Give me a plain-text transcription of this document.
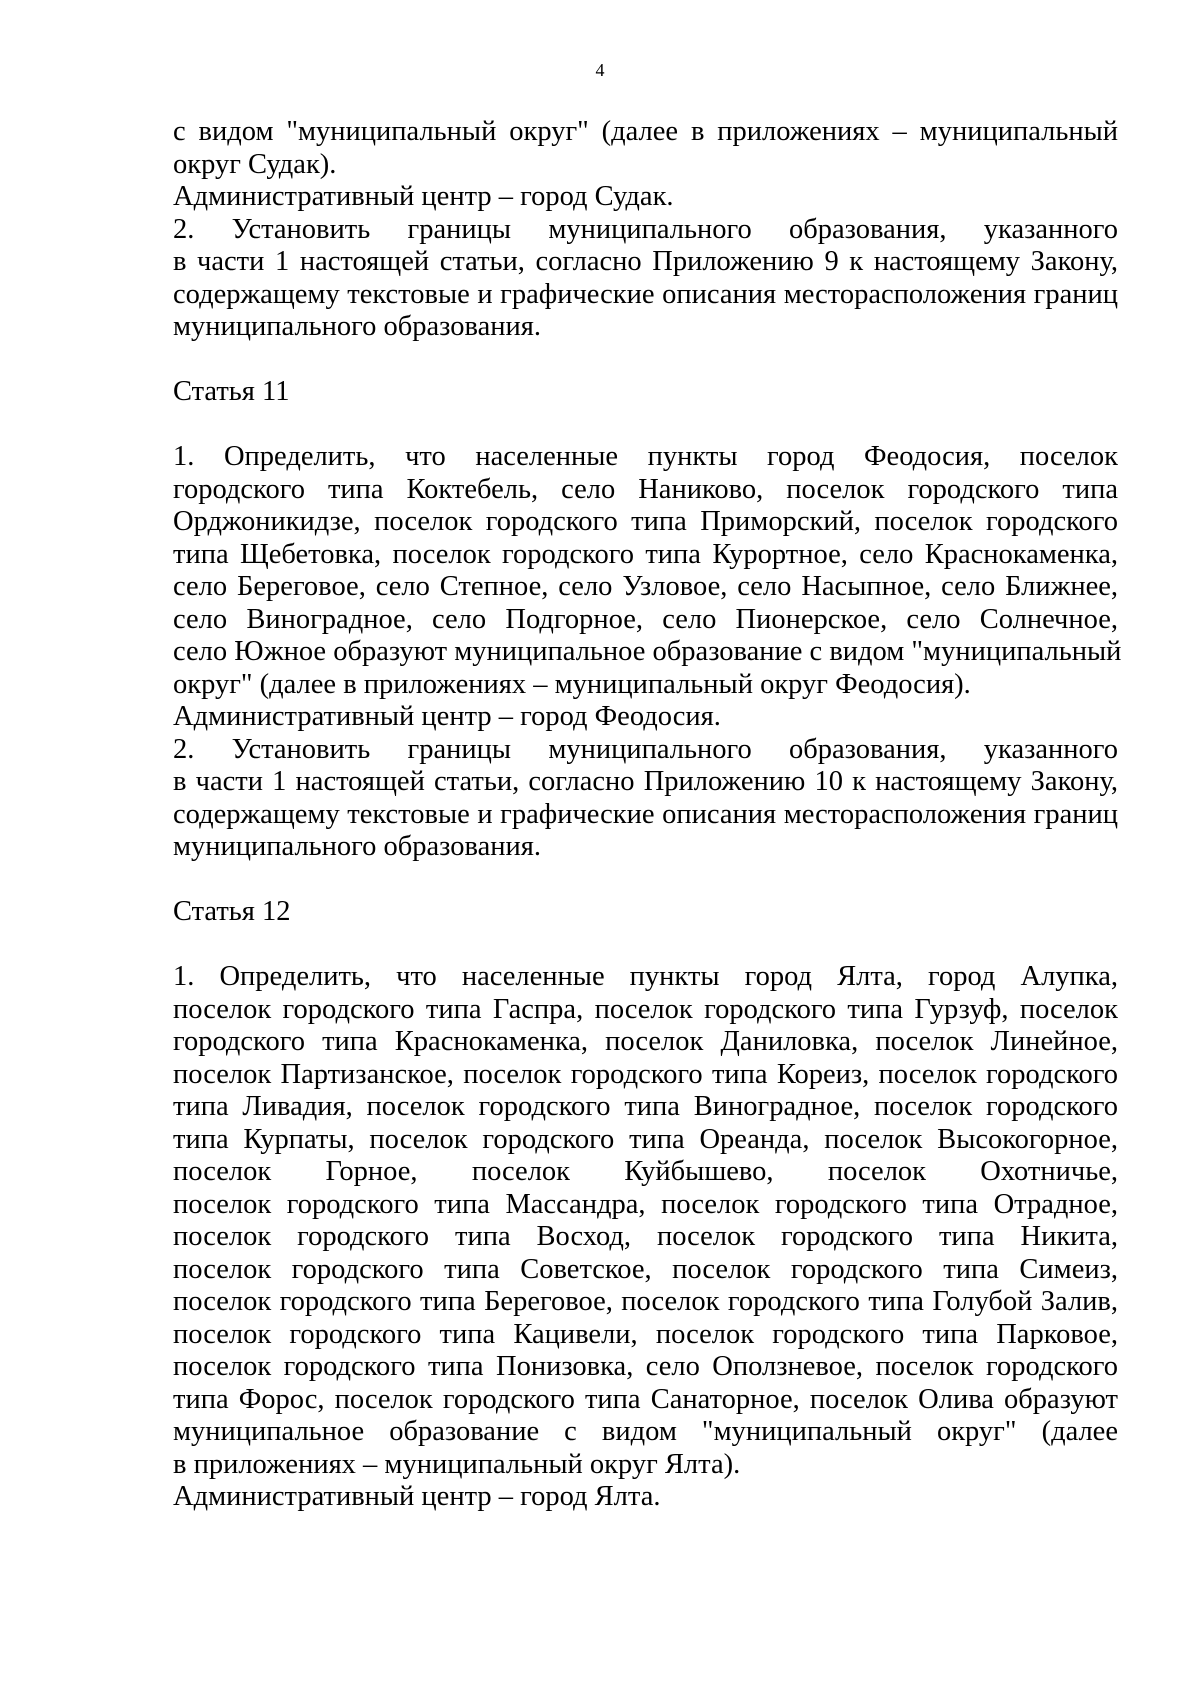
4
с видом "муниципальный округ" (далее в приложениях – муниципальный
округ Судак).
Административный центр – город Судак.
2. Установить границы муниципального образования, указанного
в части 1 настоящей статьи, согласно Приложению 9 к настоящему Закону,
содержащему текстовые и графические описания месторасположения границ
муниципального образования.
Статья 11
1. Определить, что населенные пункты город Феодосия, поселок
городского типа Коктебель, село Наниково, поселок городского типа
Орджоникидзе, поселок городского типа Приморский, поселок городского
типа Щебетовка, поселок городского типа Курортное, село Краснокаменка,
село Береговое, село Степное, село Узловое, село Насыпное, село Ближнее,
село Виноградное, село Подгорное, село Пионерское, село Солнечное,
село Южное образуют муниципальное образование с видом "муниципальный
округ" (далее в приложениях – муниципальный округ Феодосия).
Административный центр – город Феодосия.
2. Установить границы муниципального образования, указанного
в части 1 настоящей статьи, согласно Приложению 10 к настоящему Закону,
содержащему текстовые и графические описания месторасположения границ
муниципального образования.
Статья 12
1. Определить, что населенные пункты город Ялта, город Алупка,
поселок городского типа Гаспра, поселок городского типа Гурзуф, поселок
городского типа Краснокаменка, поселок Даниловка, поселок Линейное,
поселок Партизанское, поселок городского типа Кореиз, поселок городского
типа Ливадия, поселок городского типа Виноградное, поселок городского
типа Курпаты, поселок городского типа Ореанда, поселок Высокогорное,
поселок Горное, поселок Куйбышево, поселок Охотничье,
поселок городского типа Массандра, поселок городского типа Отрадное,
поселок городского типа Восход, поселок городского типа Никита,
поселок городского типа Советское, поселок городского типа Симеиз,
поселок городского типа Береговое, поселок городского типа Голубой Залив,
поселок городского типа Кацивели, поселок городского типа Парковое,
поселок городского типа Понизовка, село Оползневое, поселок городского
типа Форос, поселок городского типа Санаторное, поселок Олива образуют
муниципальное образование с видом "муниципальный округ" (далее
в приложениях – муниципальный округ Ялта).
Административный центр – город Ялта.
